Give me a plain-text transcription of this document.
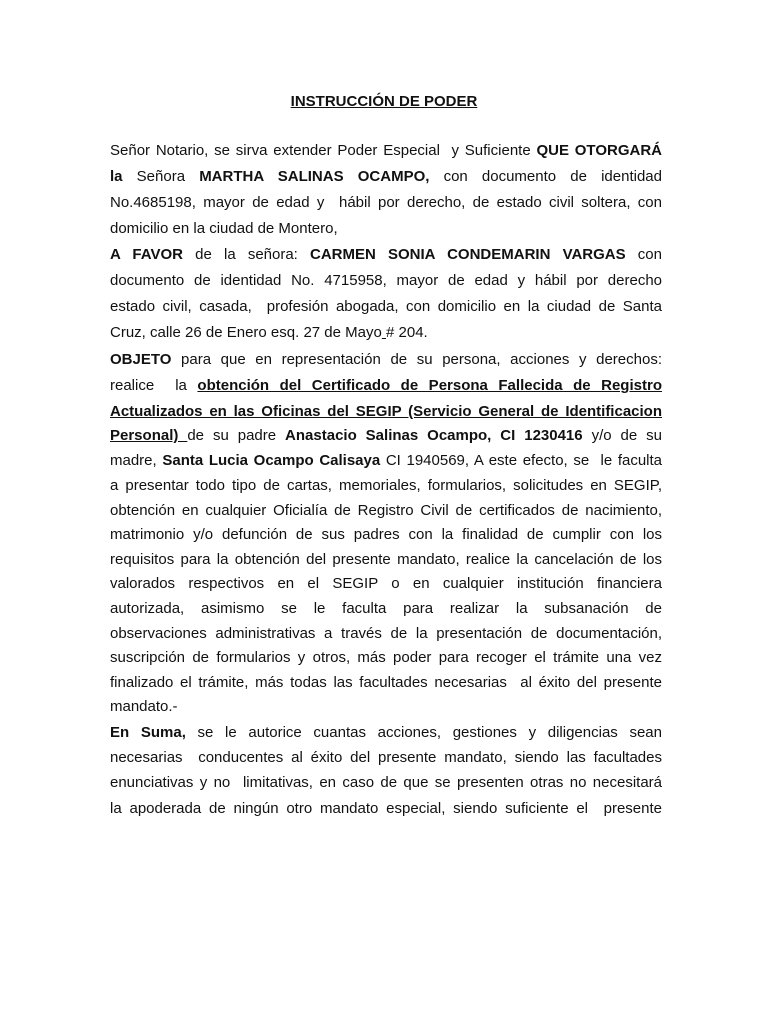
INSTRUCCIÓN DE PODER
Señor Notario, se sirva extender Poder Especial  y Suficiente QUE OTORGARÁ
la Señora MARTHA SALINAS OCAMPO, con documento de identidad
No.4685198, mayor de edad y  hábil por derecho, de estado civil soltera, con
domicilio en la ciudad de Montero,
A FAVOR de la señora: CARMEN SONIA CONDEMARIN VARGAS con
documento de identidad No. 4715958, mayor de edad y hábil por derecho
estado civil, casada,  profesión abogada, con domicilio en la ciudad de Santa
Cruz, calle 26 de Enero esq. 27 de Mayo # 204.
OBJETO para que en representación de su persona, acciones y derechos:
realice  la obtención del Certificado de Persona Fallecida de Registro
Actualizados en las Oficinas del SEGIP (Servicio General de Identificacion
Personal) de su padre Anastacio Salinas Ocampo, CI 1230416 y/o de su
madre, Santa Lucia Ocampo Calisaya CI 1940569, A este efecto, se  le faculta
a presentar todo tipo de cartas, memoriales, formularios, solicitudes en SEGIP,
obtención en cualquier Oficialía de Registro Civil de certificados de nacimiento,
matrimonio y/o defunción de sus padres con la finalidad de cumplir con los
requisitos para la obtención del presente mandato, realice la cancelación de los
valorados respectivos en el SEGIP o en cualquier institución financiera
autorizada, asimismo se le faculta para realizar la subsanación de
observaciones administrativas a través de la presentación de documentación,
suscripción de formularios y otros, más poder para recoger el trámite una vez
finalizado el trámite, más todas las facultades necesarias  al éxito del presente
mandato.-
En Suma, se le autorice cuantas acciones, gestiones y diligencias sean
necesarias  conducentes al éxito del presente mandato, siendo las facultades
enunciativas y no  limitativas, en caso de que se presenten otras no necesitará
la apoderada de ningún otro mandato especial, siendo suficiente el  presente
